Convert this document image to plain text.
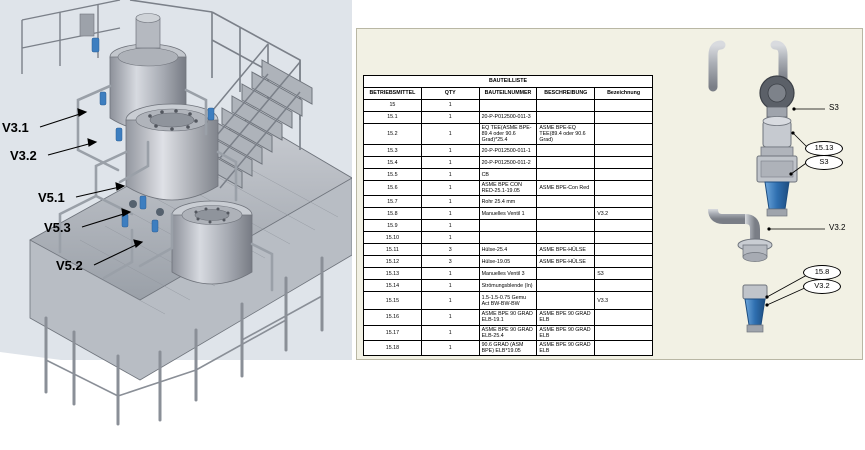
V3.1
V3.2
V5.1
V5.3
V5.2
BAUTEILLISTE				
BETRIEBSMITTEL	QTY	BAUTEILNUMMER	BESCHREIBUNG	Bezeichnung
15	1			
15.1	1	20-P-P012500-011-3		
15.2	1	EQ TEE(ASME BPE-89.4 oder 90.6 Grad)*25.4	ASME BPE-EQ TEE(89.4 oder 90.6 Grad)	
15.3	1	20-P-P012500-011-1		
15.4	1	20-P-P012500-011-2		
15.5	1	CB		
15.6	1	ASME BPE CON RED-25.1-19.05	ASME BPE-Con Red	
15.7	1	Rohr 25.4 mm		
15.8	1	Manuelles Ventil 1		V3.2
15.9	1			
15.10	1			
15.11	3	Hülse-25.4	ASME BPE-HÜLSE	
15.12	3	Hülse-19.05	ASME BPE-HÜLSE	
15.13	1	Manuelles Ventil 3		S3
15.14	1	Strömungsblende (In)		
15.15	1	1.5-1.5-0.75 Gemu Act BW-BW-BW		V3.3
15.16	1	ASME BPE 90 GRAD ELB-19.1	ASME BPE 90 GRAD ELB	
15.17	1	ASME BPE 90 GRAD ELB-25.4	ASME BPE 90 GRAD ELB	
15.18	1	90.6 GRAD (ASM BPE) ELB*19.05	ASME BPE 90 GRAD ELB	
S3
15.13
S3
V3.2
15.8
V3.2
